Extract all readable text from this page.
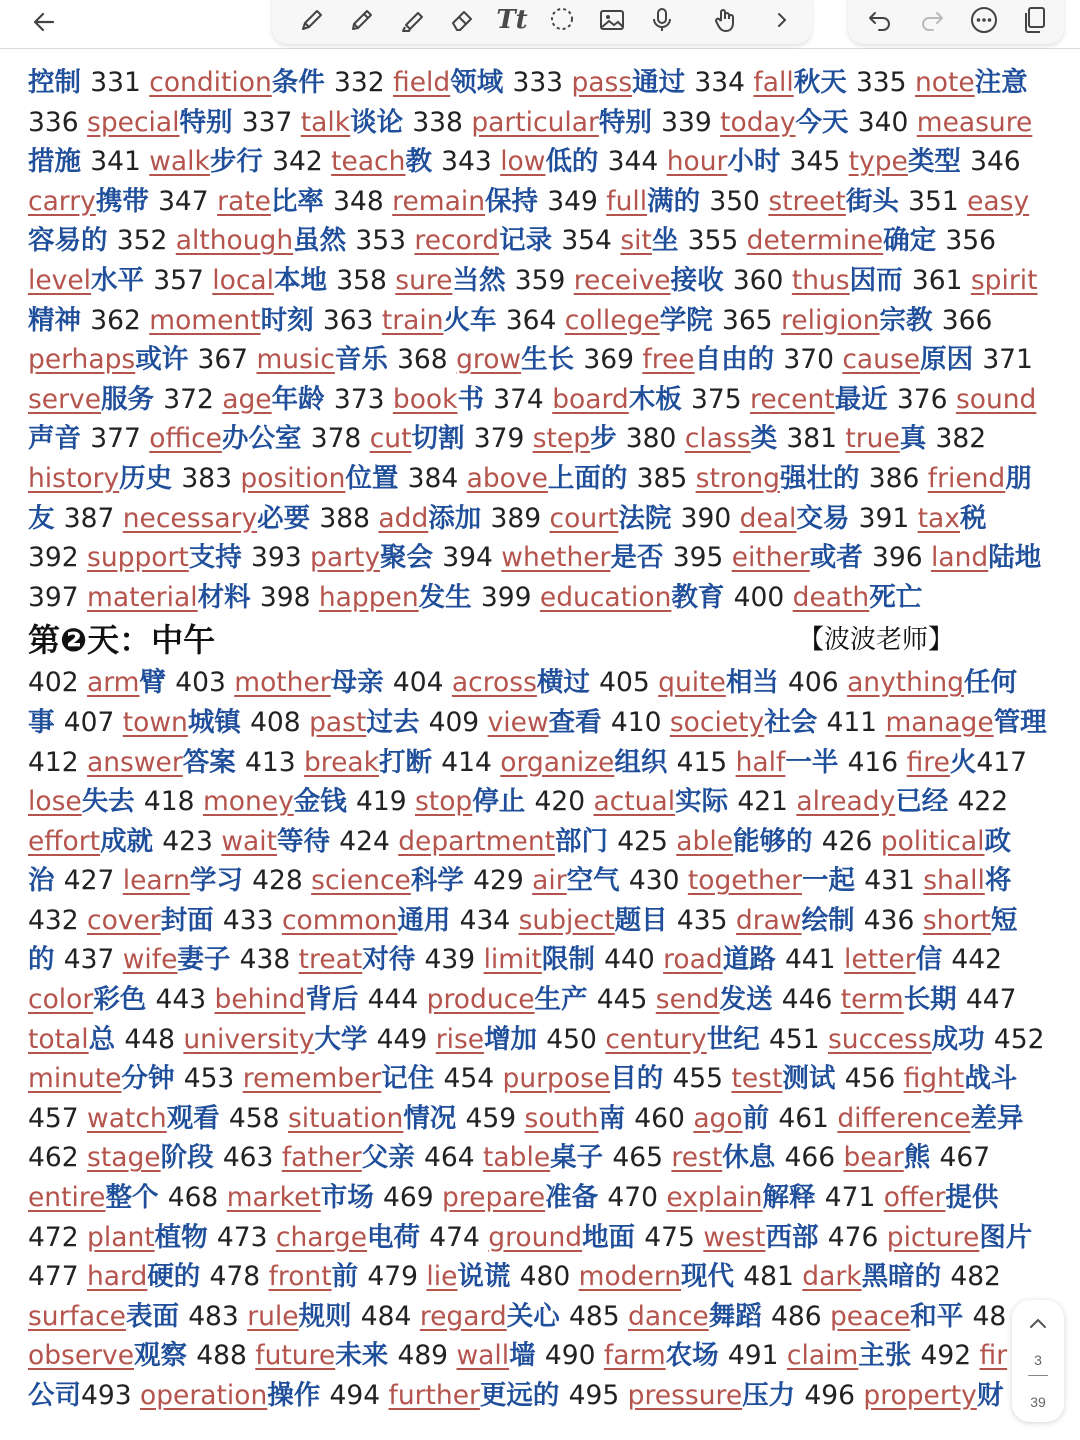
Tt
控制 331 condition条件 332 field领域 333 pass通过 334 fall秋天 335 note注意
336 special特别 337 talk谈论 338 particular特别 339 today今天 340 measure
措施 341 walk步行 342 teach教 343 low低的 344 hour小时 345 type类型 346
carry携带 347 rate比率 348 remain保持 349 full满的 350 street街头 351 easy
容易的 352 although虽然 353 record记录 354 sit坐 355 determine确定 356
level水平 357 local本地 358 sure当然 359 receive接收 360 thus因而 361 spirit
精神 362 moment时刻 363 train火车 364 college学院 365 religion宗教 366
perhaps或许 367 music音乐 368 grow生长 369 free自由的 370 cause原因 371
serve服务 372 age年龄 373 book书 374 board木板 375 recent最近 376 sound
声音 377 office办公室 378 cut切割 379 step步 380 class类 381 true真 382
history历史 383 position位置 384 above上面的 385 strong强壮的 386 friend朋
友 387 necessary必要 388 add添加 389 court法院 390 deal交易 391 tax税
392 support支持 393 party聚会 394 whether是否 395 either或者 396 land陆地
397 material材料 398 happen发生 399 education教育 400 death死亡
第❷天：中午	【波波老师】
402 arm臂 403 mother母亲 404 across横过 405 quite相当 406 anything任何
事 407 town城镇 408 past过去 409 view查看 410 society社会 411 manage管理
412 answer答案 413 break打断 414 organize组织 415 half一半 416 fire火417
lose失去 418 money金钱 419 stop停止 420 actual实际 421 already已经 422
effort成就 423 wait等待 424 department部门 425 able能够的 426 political政
治 427 learn学习 428 science科学 429 air空气 430 together一起 431 shall将
432 cover封面 433 common通用 434 subject题目 435 draw绘制 436 short短
的 437 wife妻子 438 treat对待 439 limit限制 440 road道路 441 letter信 442
color彩色 443 behind背后 444 produce生产 445 send发送 446 term长期 447
total总 448 university大学 449 rise增加 450 century世纪 451 success成功 452
minute分钟 453 remember记住 454 purpose目的 455 test测试 456 fight战斗
457 watch观看 458 situation情况 459 south南 460 ago前 461 difference差异
462 stage阶段 463 father父亲 464 table桌子 465 rest休息 466 bear熊 467
entire整个 468 market市场 469 prepare准备 470 explain解释 471 offer提供
472 plant植物 473 charge电荷 474 ground地面 475 west西部 476 picture图片
477 hard硬的 478 front前 479 lie说谎 480 modern现代 481 dark黑暗的 482
surface表面 483 rule规则 484 regard关心 485 dance舞蹈 486 peace和平 48
observe观察 488 future未来 489 wall墙 490 farm农场 491 claim主张 492 fir
公司493 operation操作 494 further更远的 495 pressure压力 496 property财
3
39
